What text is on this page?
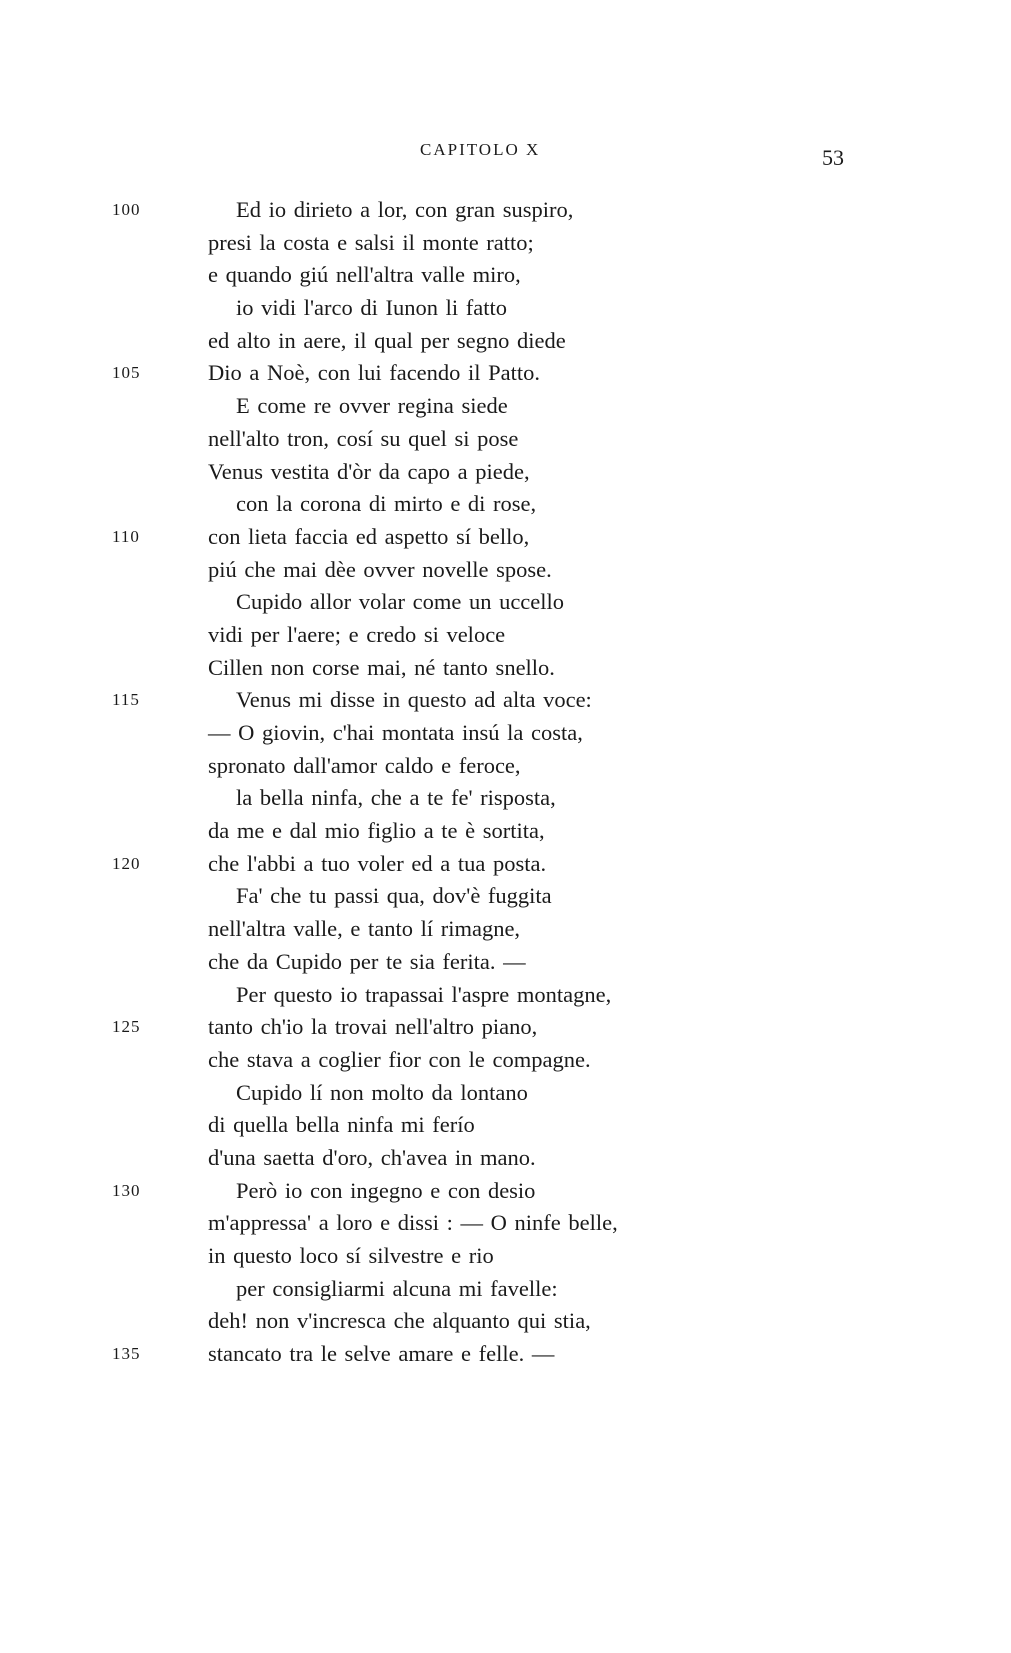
CAPITOLO X	53
100	Ed io dirieto a lor, con gran suspiro,
presi la costa e salsi il monte ratto;
e quando giú nell'altra valle miro,
io vidi l'arco di Iunon li fatto
ed alto in aere, il qual per segno diede
105	Dio a Noè, con lui facendo il Patto.
E come re ovver regina siede
nell'alto tron, cosí su quel si pose
Venus vestita d'òr da capo a piede,
con la corona di mirto e di rose,
110	con lieta faccia ed aspetto sí bello,
piú che mai dèe ovver novelle spose.
Cupido allor volar come un uccello
vidi per l'aere; e credo si veloce
Cillen non corse mai, né tanto snello.
115	Venus mi disse in questo ad alta voce:
— O giovin, c'hai montata insú la costa,
spronato dall'amor caldo e feroce,
la bella ninfa, che a te fe' risposta,
da me e dal mio figlio a te è sortita,
120	che l'abbi a tuo voler ed a tua posta.
Fa' che tu passi qua, dov'è fuggita
nell'altra valle, e tanto lí rimagne,
che da Cupido per te sia ferita. —
Per questo io trapassai l'aspre montagne,
125	tanto ch'io la trovai nell'altro piano,
che stava a coglier fior con le compagne.
Cupido lí non molto da lontano
di quella bella ninfa mi ferío
d'una saetta d'oro, ch'avea in mano.
130	Però io con ingegno e con desio
m'appressa' a loro e dissi : — O ninfe belle,
in questo loco sí silvestre e rio
per consigliarmi alcuna mi favelle:
deh! non v'incresca che alquanto qui stia,
135	stancato tra le selve amare e felle. —
